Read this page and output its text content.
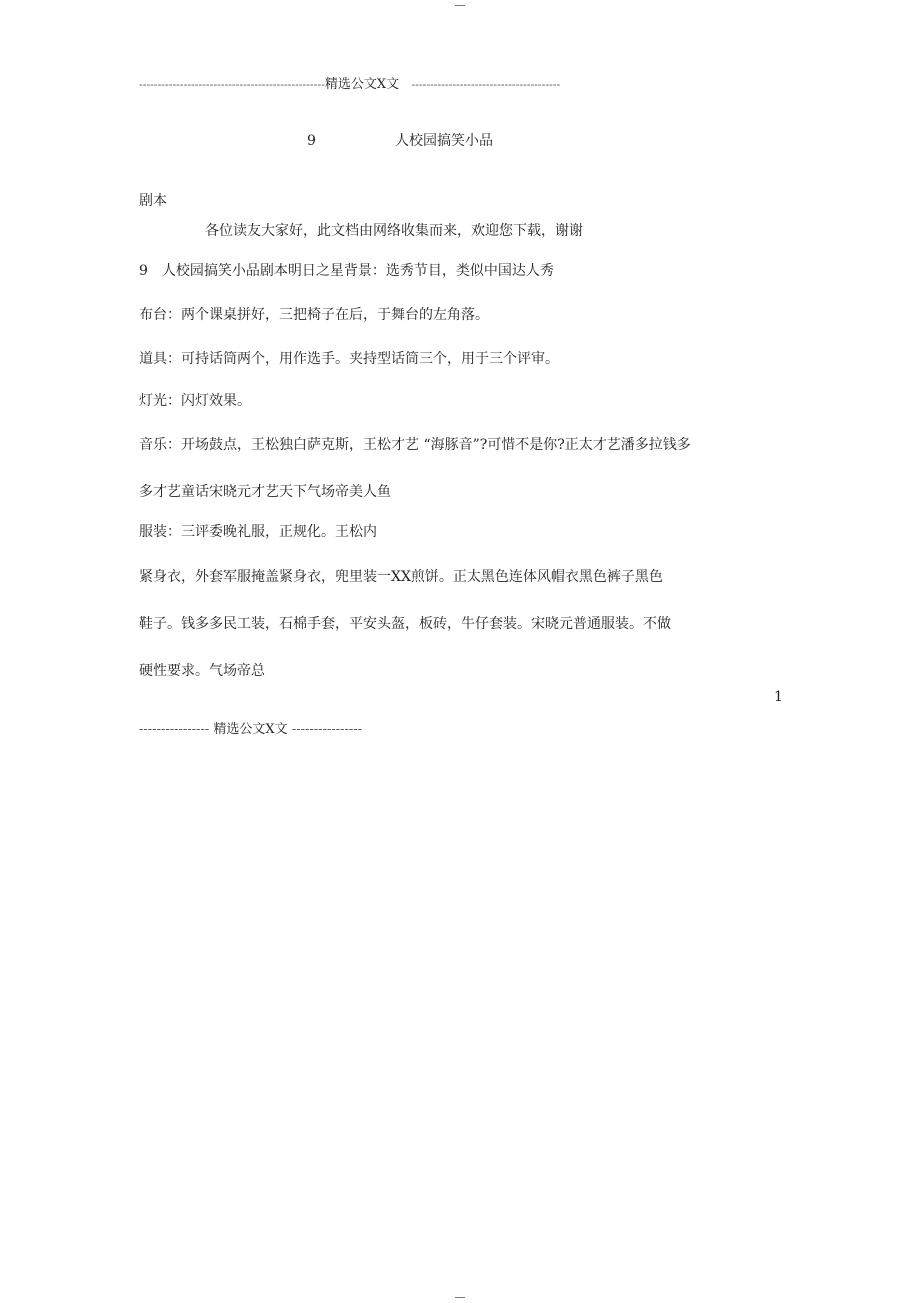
--------------------------------------------------精选公文X文 ----------------------------------------
9	人校园搞笑小品
剧本
各位读友大家好，此文档由网络收集而来，欢迎您下载，谢谢
9　人校园搞笑小品剧本明日之星背景：选秀节目，类似中国达人秀
布台：两个课桌拼好，三把椅子在后，于舞台的左角落。
道具：可持话筒两个，用作选手。夹持型话筒三个，用于三个评审。
灯光：闪灯效果。
音乐：开场鼓点，王松独白萨克斯，王松才艺 “海豚音”?可惜不是你?正太才艺潘多拉钱多
多才艺童话宋晓元才艺天下气场帝美人鱼
服装：三评委晚礼服，正规化。王松内
紧身衣，外套军服掩盖紧身衣，兜里装一XX煎饼。正太黑色连体风帽衣黑色裤子黑色
鞋子。钱多多民工装，石棉手套，平安头盔，板砖，牛仔套装。宋晓元普通服装。不做
硬性要求。气场帝总
1
---------------- 精选公文X文 ----------------
